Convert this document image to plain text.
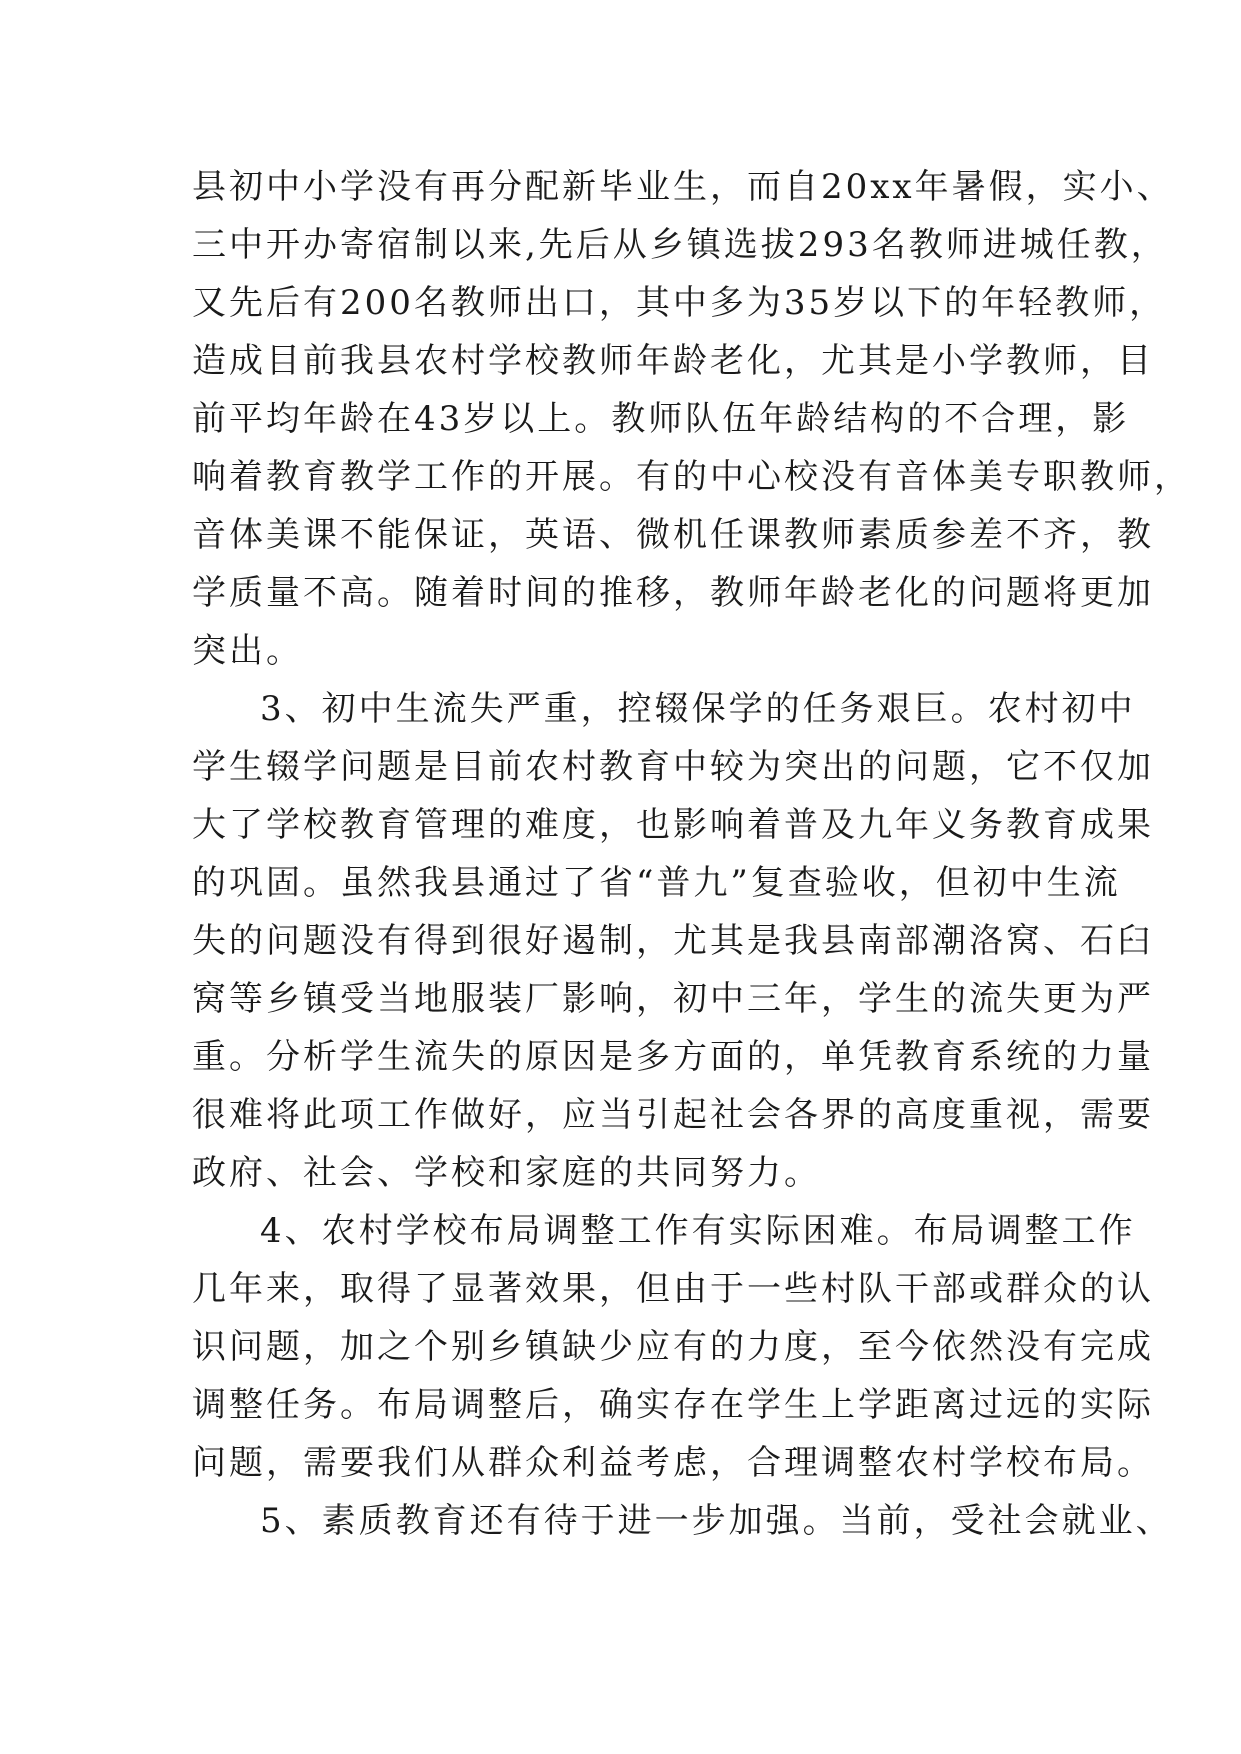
县初中小学没有再分配新毕业生，而自20xx年暑假，实小、
三中开办寄宿制以来,先后从乡镇选拔293名教师进城任教，
又先后有200名教师出口，其中多为35岁以下的年轻教师，
造成目前我县农村学校教师年龄老化，尤其是小学教师，目
前平均年龄在43岁以上。教师队伍年龄结构的不合理，影
响着教育教学工作的开展。有的中心校没有音体美专职教师，
音体美课不能保证，英语、微机任课教师素质参差不齐，教
学质量不高。随着时间的推移，教师年龄老化的问题将更加
突出。
3、初中生流失严重，控辍保学的任务艰巨。农村初中
学生辍学问题是目前农村教育中较为突出的问题，它不仅加
大了学校教育管理的难度，也影响着普及九年义务教育成果
的巩固。虽然我县通过了省“普九”复查验收，但初中生流
失的问题没有得到很好遏制，尤其是我县南部潮洛窝、石臼
窝等乡镇受当地服装厂影响，初中三年，学生的流失更为严
重。分析学生流失的原因是多方面的，单凭教育系统的力量
很难将此项工作做好，应当引起社会各界的高度重视，需要
政府、社会、学校和家庭的共同努力。
4、农村学校布局调整工作有实际困难。布局调整工作
几年来，取得了显著效果，但由于一些村队干部或群众的认
识问题，加之个别乡镇缺少应有的力度，至今依然没有完成
调整任务。布局调整后，确实存在学生上学距离过远的实际
问题，需要我们从群众利益考虑，合理调整农村学校布局。
5、素质教育还有待于进一步加强。当前，受社会就业、
